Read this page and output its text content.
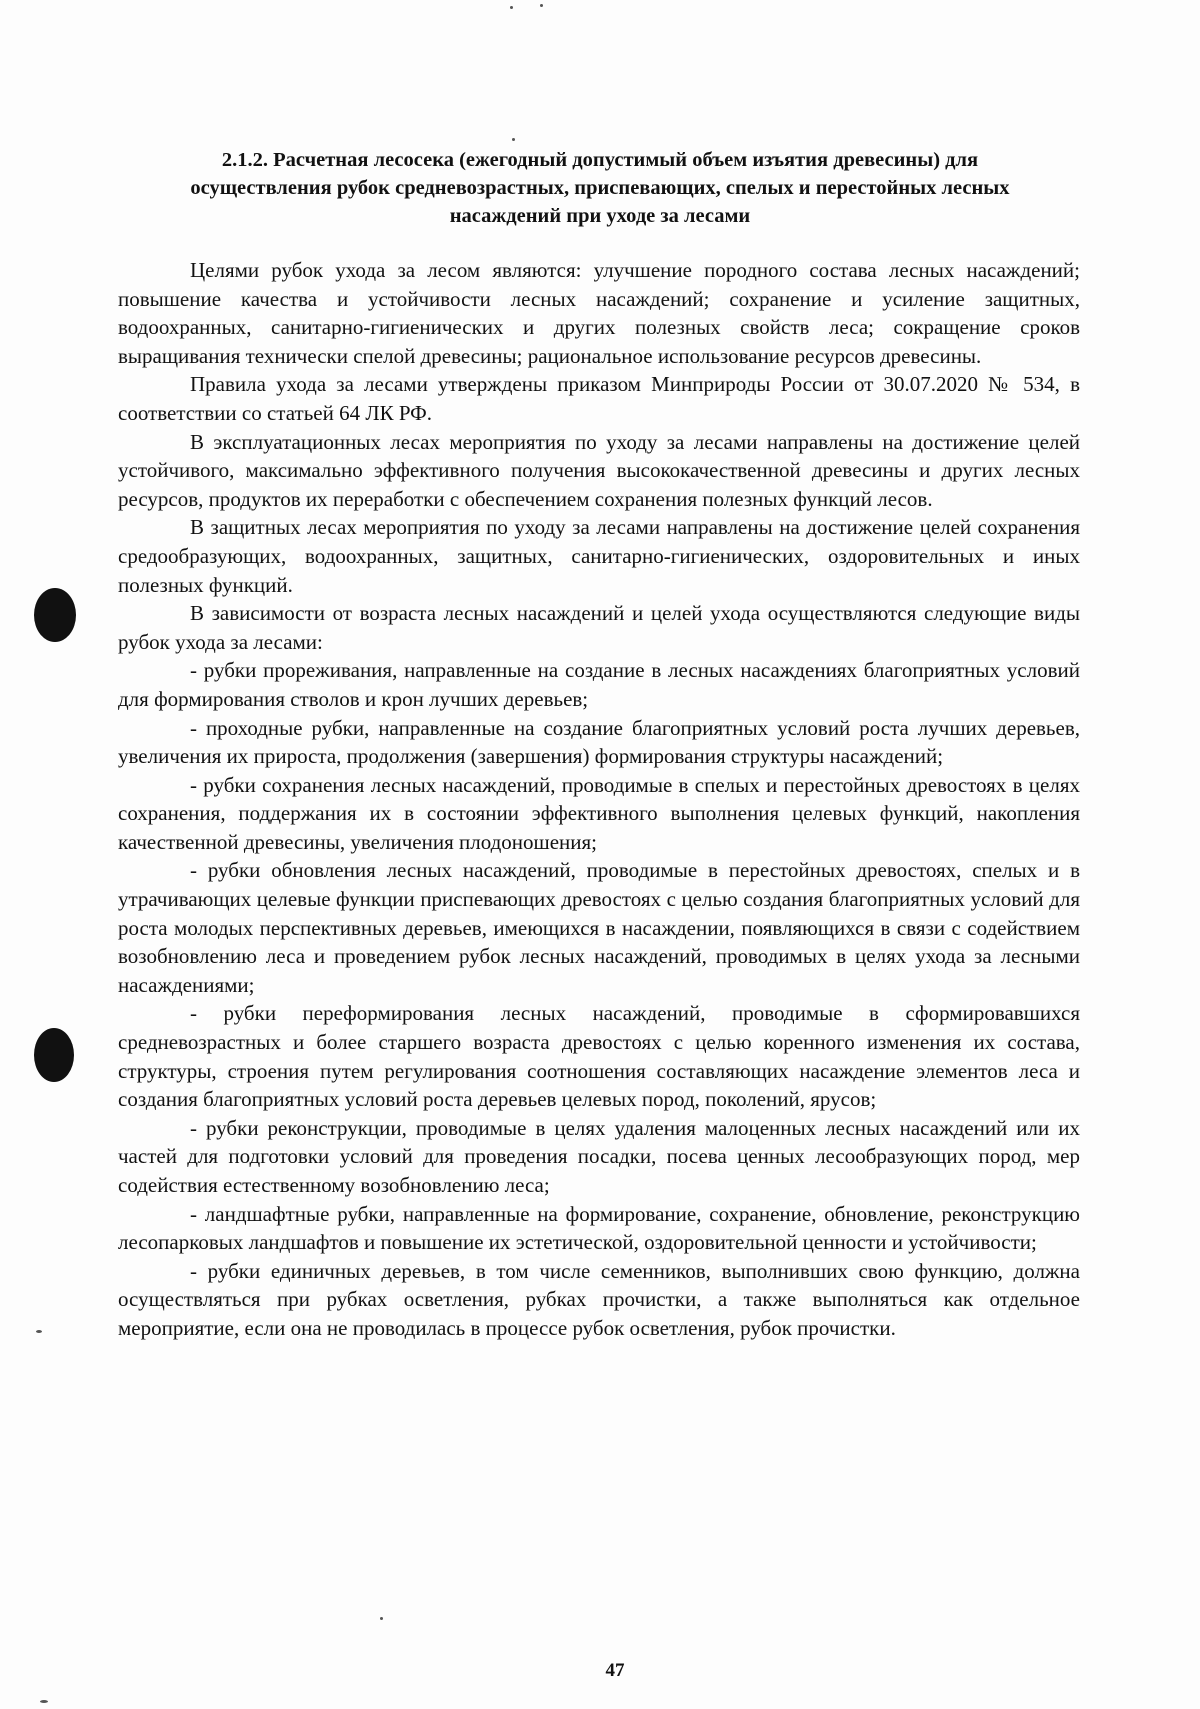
2.1.2. Расчетная лесосека (ежегодный допустимый объем изъятия древесины) для
осуществления рубок средневозрастных, приспевающих, спелых и перестойных лесных
насаждений при уходе за лесами

Целями рубок ухода за лесом являются: улучшение породного состава лесных насаждений; повышение качества и устойчивости лесных насаждений; сохранение и усиление защитных, водоохранных, санитарно-гигиенических и других полезных свойств леса; сокращение сроков выращивания технически спелой древесины; рациональное использование ресурсов древесины.

Правила ухода за лесами утверждены приказом Минприроды России от 30.07.2020 № 534, в соответствии со статьей 64 ЛК РФ.

В эксплуатационных лесах мероприятия по уходу за лесами направлены на достижение целей устойчивого, максимально эффективного получения высококачественной древесины и других лесных ресурсов, продуктов их переработки с обеспечением сохранения полезных функций лесов.

В защитных лесах мероприятия по уходу за лесами направлены на достижение целей сохранения средообразующих, водоохранных, защитных, санитарно-гигиенических, оздоровительных и иных полезных функций.

В зависимости от возраста лесных насаждений и целей ухода осуществляются следующие виды рубок ухода за лесами:

- рубки прореживания, направленные на создание в лесных насаждениях благоприятных условий для формирования стволов и крон лучших деревьев;

- проходные рубки, направленные на создание благоприятных условий роста лучших деревьев, увеличения их прироста, продолжения (завершения) формирования структуры насаждений;

- рубки сохранения лесных насаждений, проводимые в спелых и перестойных древостоях в целях сохранения, поддержания их в состоянии эффективного выполнения целевых функций, накопления качественной древесины, увеличения плодоношения;

- рубки обновления лесных насаждений, проводимые в перестойных древостоях, спелых и в утрачивающих целевые функции приспевающих древостоях с целью создания благоприятных условий для роста молодых перспективных деревьев, имеющихся в насаждении, появляющихся в связи с содействием возобновлению леса и проведением рубок лесных насаждений, проводимых в целях ухода за лесными насаждениями;

- рубки переформирования лесных насаждений, проводимые в сформировавшихся средневозрастных и более старшего возраста древостоях с целью коренного изменения их состава, структуры, строения путем регулирования соотношения составляющих насаждение элементов леса и создания благоприятных условий роста деревьев целевых пород, поколений, ярусов;

- рубки реконструкции, проводимые в целях удаления малоценных лесных насаждений или их частей для подготовки условий для проведения посадки, посева ценных лесообразующих пород, мер содействия естественному возобновлению леса;

- ландшафтные рубки, направленные на формирование, сохранение, обновление, реконструкцию лесопарковых ландшафтов и повышение их эстетической, оздоровительной ценности и устойчивости;

- рубки единичных деревьев, в том числе семенников, выполнивших свою функцию, должна осуществляться при рубках осветления, рубках прочистки, а также выполняться как отдельное мероприятие, если она не проводилась в процессе рубок осветления, рубок прочистки.

47
